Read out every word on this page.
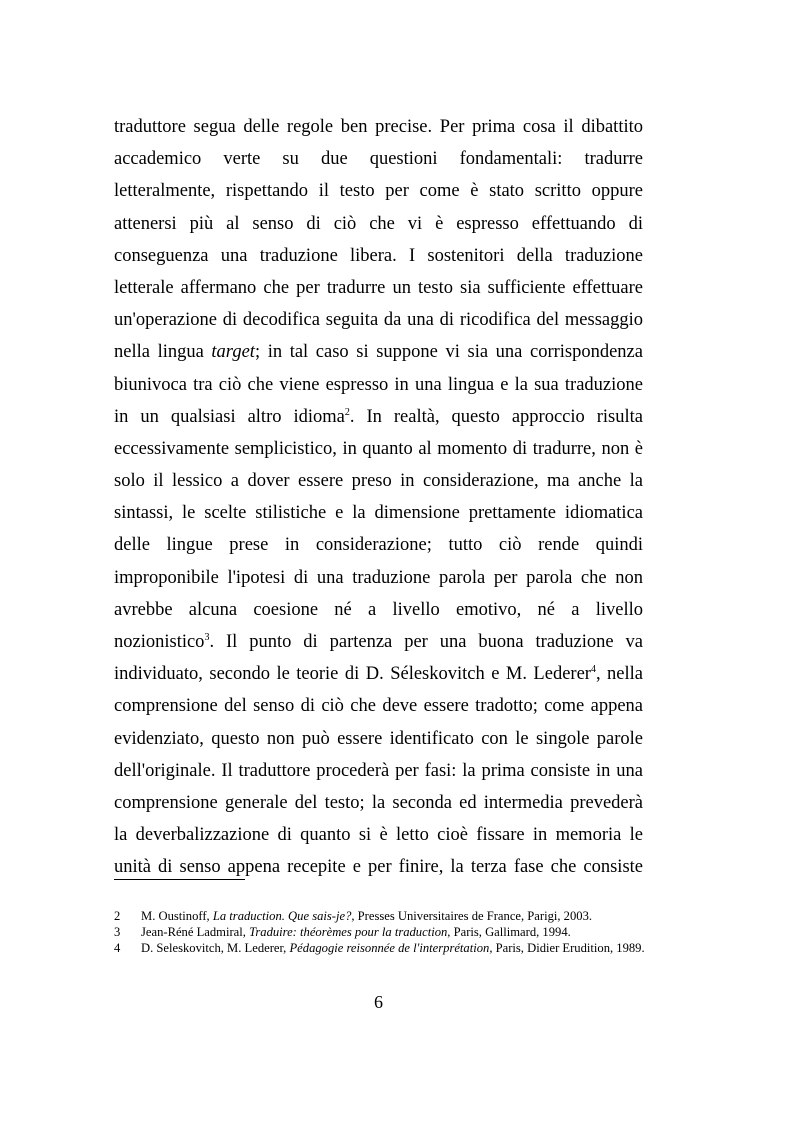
traduttore segua delle regole ben precise. Per prima cosa il dibattito
accademico verte su due questioni fondamentali: tradurre
letteralmente, rispettando il testo per come è stato scritto oppure
attenersi più al senso di ciò che vi è espresso effettuando di
conseguenza una traduzione libera. I sostenitori della traduzione
letterale affermano che per tradurre un testo sia sufficiente effettuare
un'operazione di decodifica seguita da una di ricodifica del messaggio
nella lingua target; in tal caso si suppone vi sia una corrispondenza
biunivoca tra ciò che viene espresso in una lingua e la sua traduzione
in un qualsiasi altro idioma$^2$. In realtà, questo approccio risulta
eccessivamente semplicistico, in quanto al momento di tradurre, non è
solo il lessico a dover essere preso in considerazione, ma anche la
sintassi, le scelte stilistiche e la dimensione prettamente idiomatica
delle lingue prese in considerazione; tutto ciò rende quindi
improponibile l'ipotesi di una traduzione parola per parola che non
avrebbe alcuna coesione né a livello emotivo, né a livello
nozionistico$^3$. Il punto di partenza per una buona traduzione va
individuato, secondo le teorie di D. Séleskovitch e M. Lederer$^4$, nella
comprensione del senso di ciò che deve essere tradotto; come appena
evidenziato, questo non può essere identificato con le singole parole
dell'originale. Il traduttore procederà per fasi: la prima consiste in una
comprensione generale del testo; la seconda ed intermedia prevederà
la deverbalizzazione di quanto si è letto cioè fissare in memoria le
unità di senso appena recepite e per finire, la terza fase che consiste
2 M. Oustinoff, La traduction. Que sais-je?, Presses Universitaires de France, Parigi, 2003.
3 Jean-Réné Ladmiral, Traduire: théorèmes pour la traduction, Paris, Gallimard, 1994.
4 D. Seleskovitch, M. Lederer, Pédagogie reisonnée de l'interprétation, Paris, Didier Erudition, 1989.
6
